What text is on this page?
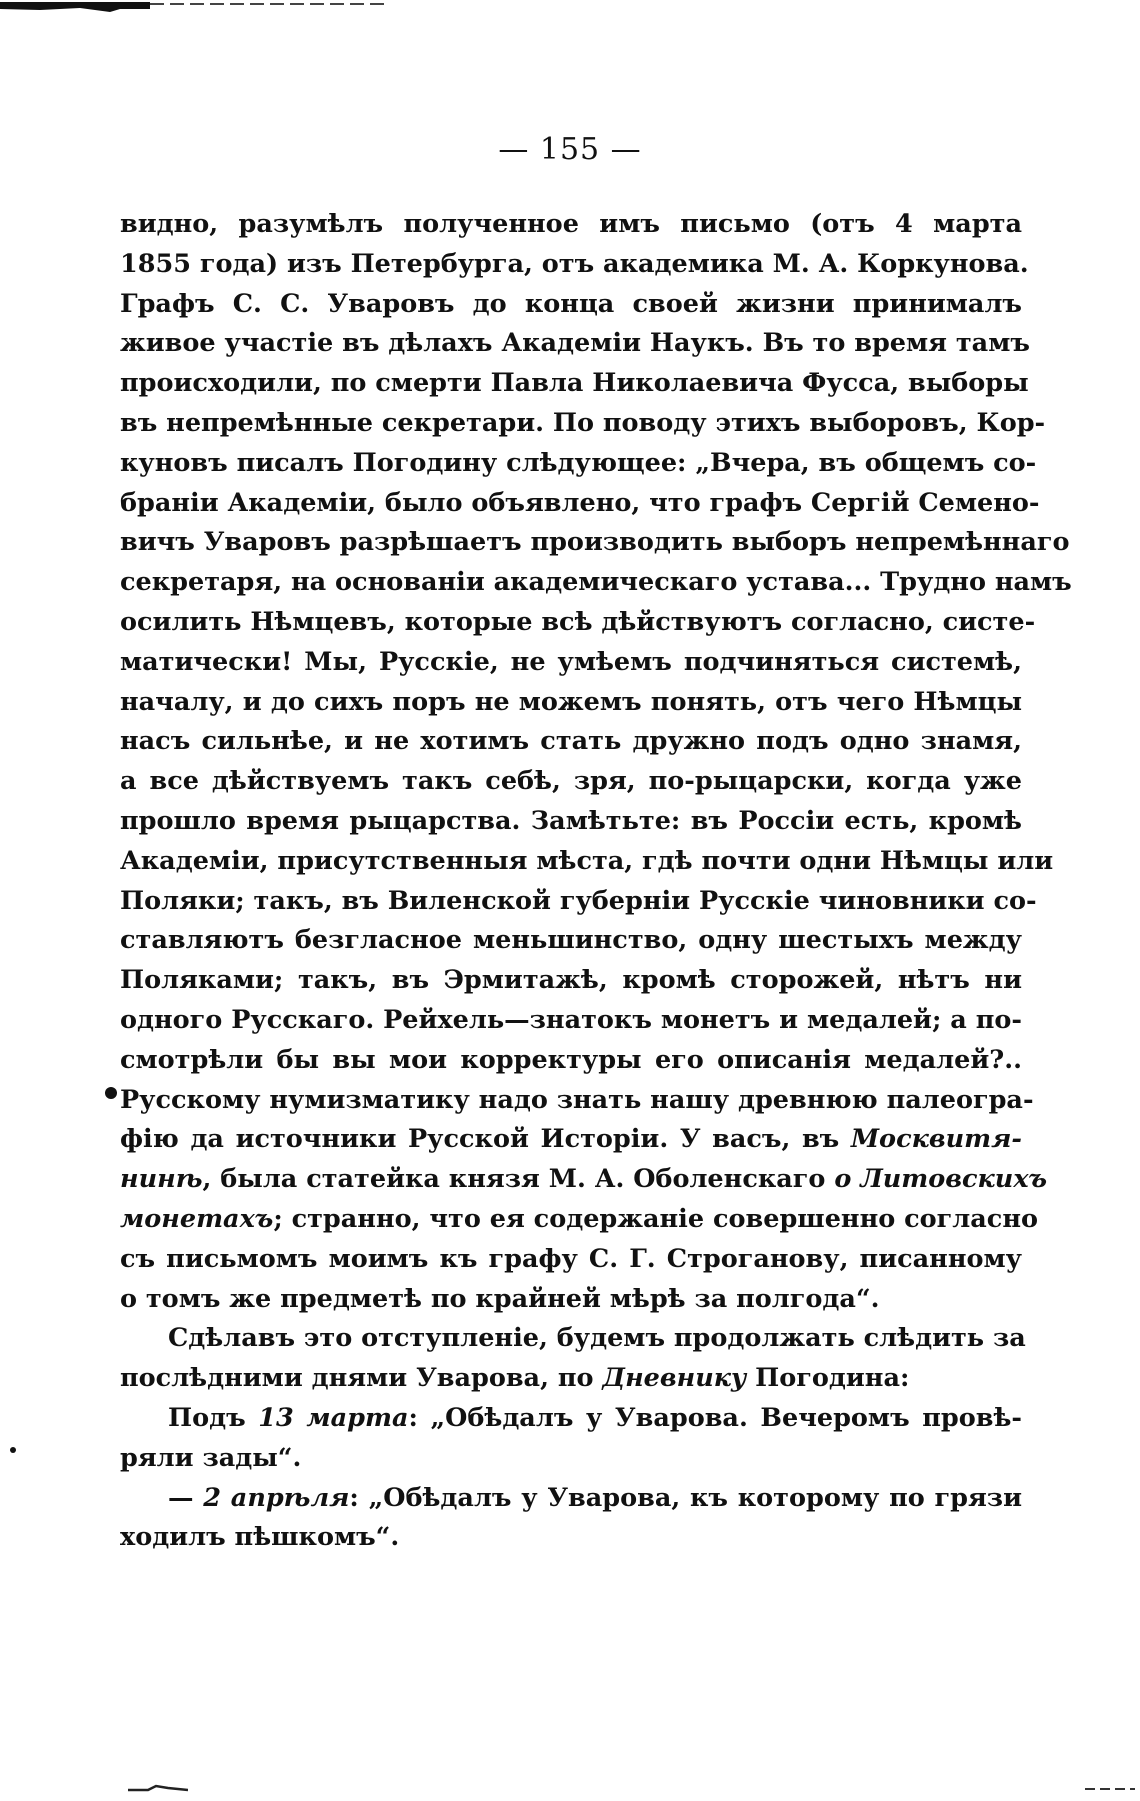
— 155 —
видно, разумѣлъ полученное имъ письмо (отъ 4 марта
1855 года) изъ Петербурга, отъ академика М. А. Коркунова.
Графъ С. С. Уваровъ до конца своей жизни принималъ
живое участіе въ дѣлахъ Академіи Наукъ. Въ то время тамъ
происходили, по смерти Павла Николаевича Фусса, выборы
въ непремѣнные секретари. По поводу этихъ выборовъ, Кор-
куновъ писалъ Погодину слѣдующее: „Вчера, въ общемъ со-
браніи Академіи, было объявлено, что графъ Сергій Семено-
вичъ Уваровъ разрѣшаетъ производить выборъ непремѣннаго
секретаря, на основаніи академическаго устава... Трудно намъ
осилить Нѣмцевъ, которые всѣ дѣйствуютъ согласно, систе-
матически! Мы, Русскіе, не умѣемъ подчиняться системѣ,
началу, и до сихъ поръ не можемъ понять, отъ чего Нѣмцы
насъ сильнѣе, и не хотимъ стать дружно подъ одно знамя,
а все дѣйствуемъ такъ себѣ, зря, по-рыцарски, когда уже
прошло время рыцарства. Замѣтьте: въ Россіи есть, кромѣ
Академіи, присутственныя мѣста, гдѣ почти одни Нѣмцы или
Поляки; такъ, въ Виленской губерніи Русскіе чиновники со-
ставляютъ безгласное меньшинство, одну шестыхъ между
Поляками; такъ, въ Эрмитажѣ, кромѣ сторожей, нѣтъ ни
одного Русскаго. Рейхель—знатокъ монетъ и медалей; а по-
смотрѣли бы вы мои корректуры его описанія медалей?..
Русскому нумизматику надо знать нашу древнюю палеогра-
фію да источники Русской Исторіи. У васъ, въ Москвитя-
нинѣ, была статейка князя М. А. Оболенскаго о Литовскихъ
монетахъ; странно, что ея содержаніе совершенно согласно
съ письмомъ моимъ къ графу С. Г. Строганову, писанному
о томъ же предметѣ по крайней мѣрѣ за полгода“.
Сдѣлавъ это отступленіе, будемъ продолжать слѣдить за
послѣдними днями Уварова, по Дневнику Погодина:
Подъ 13 марта: „Обѣдалъ у Уварова. Вечеромъ провѣ-
ряли зады“.
— 2 апрѣля: „Обѣдалъ у Уварова, къ которому по грязи
ходилъ пѣшкомъ“.
